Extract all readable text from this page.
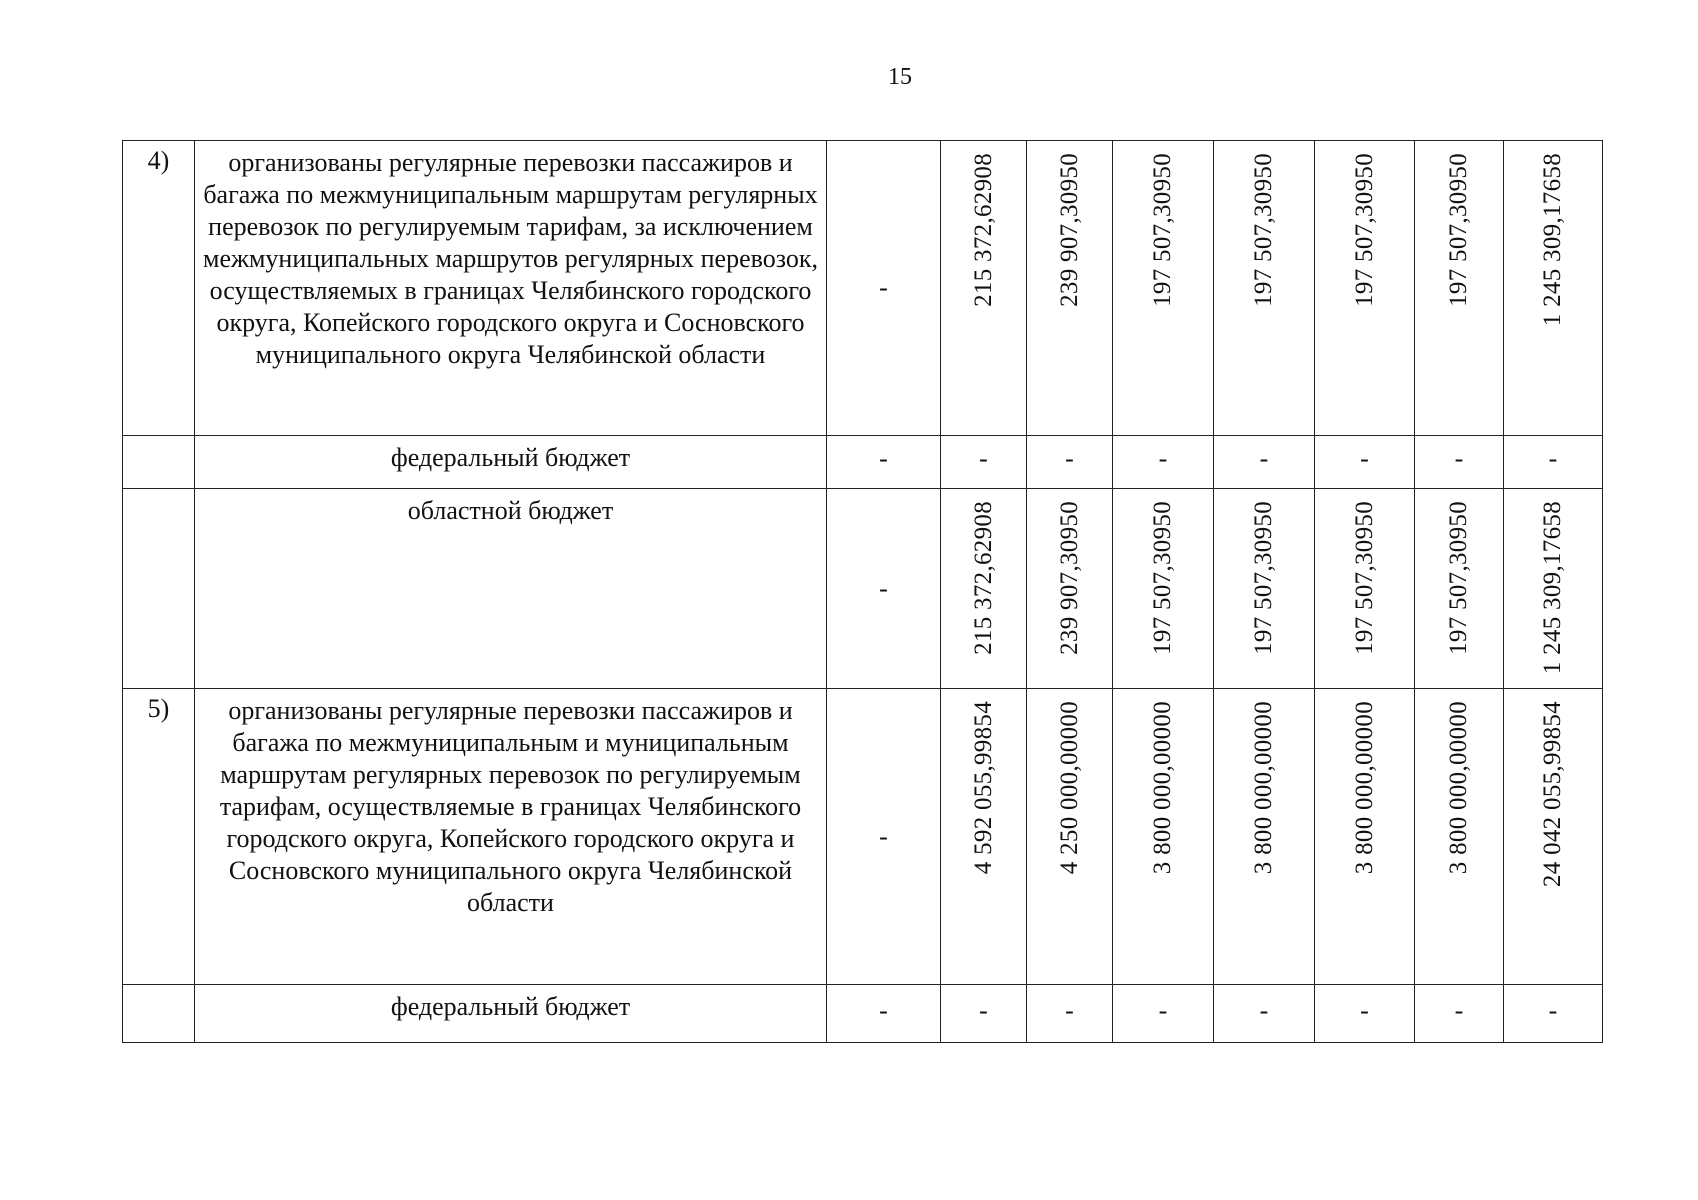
15
4)	организованы регулярные перевозки пассажиров и багажа по межмуниципальным маршрутам регулярных перевозок по регулируемым тарифам, за исключением межмуниципальных маршрутов регулярных перевозок, осуществляемых в границах Челябинского городского округа, Копейского городского округа и Сосновского муниципального округа Челябинской области	-	215 372,62908	239 907,30950	197 507,30950	197 507,30950	197 507,30950	197 507,30950	1 245 309,17658

	федеральный бюджет	-	-	-	-	-	-	-	-
	областной бюджет	-	215 372,62908	239 907,30950	197 507,30950	197 507,30950	197 507,30950	197 507,30950	1 245 309,17658

5)	организованы регулярные перевозки пассажиров и багажа по межмуниципальным и муниципальным маршрутам регулярных перевозок по регулируемым тарифам, осуществляемые в границах Челябинского городского округа, Копейского городского округа и Сосновского муниципального округа Челябинской области	-	4 592 055,99854	4 250 000,00000	3 800 000,00000	3 800 000,00000	3 800 000,00000	3 800 000,00000	24 042 055,99854

	федеральный бюджет	-	-	-	-	-	-	-	-
